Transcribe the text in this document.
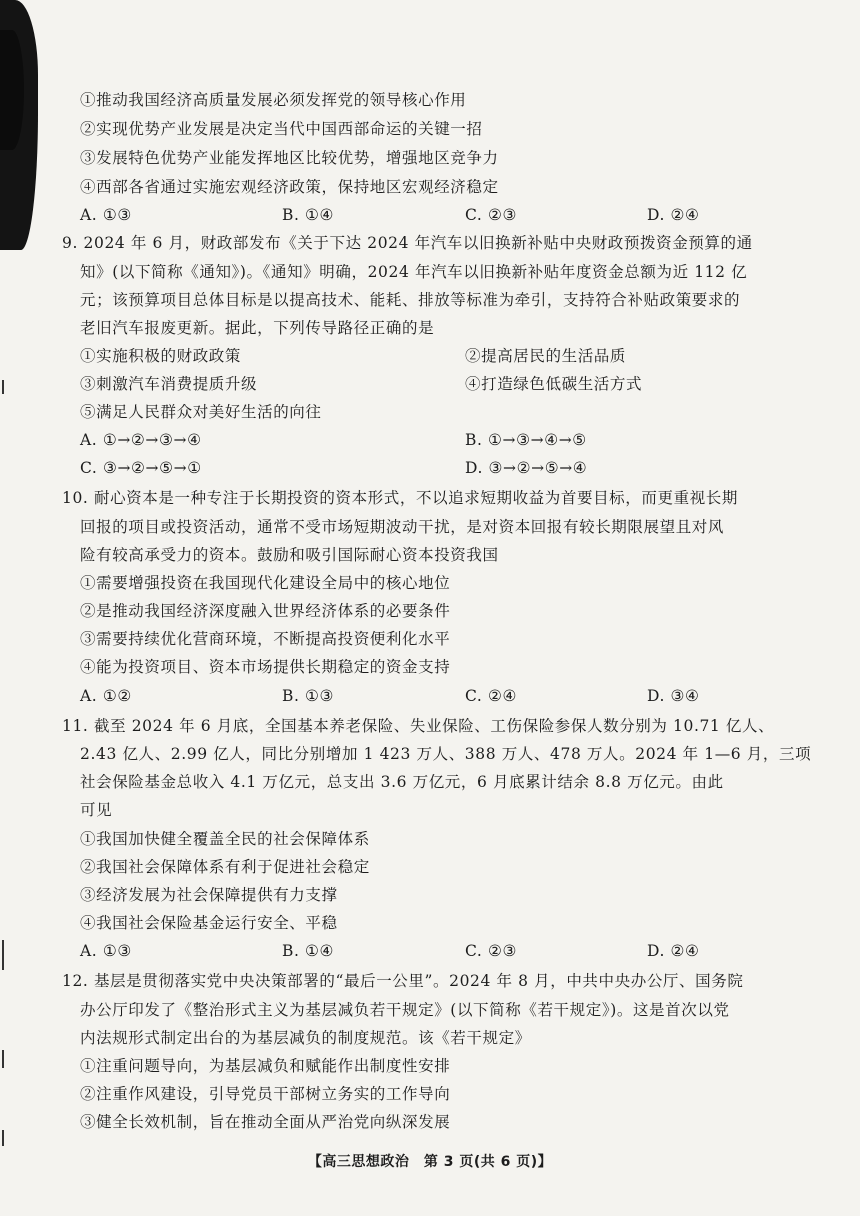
①推动我国经济高质量发展必须发挥党的领导核心作用
②实现优势产业发展是决定当代中国西部命运的关键一招
③发展特色优势产业能发挥地区比较优势，增强地区竞争力
④西部各省通过实施宏观经济政策，保持地区宏观经济稳定
A. ①③	B. ①④	C. ②③	D. ②④
9. 2024 年 6 月，财政部发布《关于下达 2024 年汽车以旧换新补贴中央财政预拨资金预算的通
知》(以下简称《通知》)。《通知》明确，2024 年汽车以旧换新补贴年度资金总额为近 112 亿
元；该预算项目总体目标是以提高技术、能耗、排放等标准为牵引，支持符合补贴政策要求的
老旧汽车报废更新。据此，下列传导路径正确的是
①实施积极的财政政策	②提高居民的生活品质
③刺激汽车消费提质升级	④打造绿色低碳生活方式
⑤满足人民群众对美好生活的向往
A. ①→②→③→④	B. ①→③→④→⑤
C. ③→②→⑤→①	D. ③→②→⑤→④
10. 耐心资本是一种专注于长期投资的资本形式，不以追求短期收益为首要目标，而更重视长期
回报的项目或投资活动，通常不受市场短期波动干扰，是对资本回报有较长期限展望且对风
险有较高承受力的资本。鼓励和吸引国际耐心资本投资我国
①需要增强投资在我国现代化建设全局中的核心地位
②是推动我国经济深度融入世界经济体系的必要条件
③需要持续优化营商环境，不断提高投资便利化水平
④能为投资项目、资本市场提供长期稳定的资金支持
A. ①②	B. ①③	C. ②④	D. ③④
11. 截至 2024 年 6 月底，全国基本养老保险、失业保险、工伤保险参保人数分别为 10.71 亿人、
2.43 亿人、2.99 亿人，同比分别增加 1 423 万人、388 万人、478 万人。2024 年 1—6 月，三项
社会保险基金总收入 4.1 万亿元，总支出 3.6 万亿元，6 月底累计结余 8.8 万亿元。由此
可见
①我国加快健全覆盖全民的社会保障体系
②我国社会保障体系有利于促进社会稳定
③经济发展为社会保障提供有力支撑
④我国社会保险基金运行安全、平稳
A. ①③	B. ①④	C. ②③	D. ②④
12. 基层是贯彻落实党中央决策部署的“最后一公里”。2024 年 8 月，中共中央办公厅、国务院
办公厅印发了《整治形式主义为基层减负若干规定》(以下简称《若干规定》)。这是首次以党
内法规形式制定出台的为基层减负的制度规范。该《若干规定》
①注重问题导向，为基层减负和赋能作出制度性安排
②注重作风建设，引导党员干部树立务实的工作导向
③健全长效机制，旨在推动全面从严治党向纵深发展
【高三思想政治　第 3 页(共 6 页)】
